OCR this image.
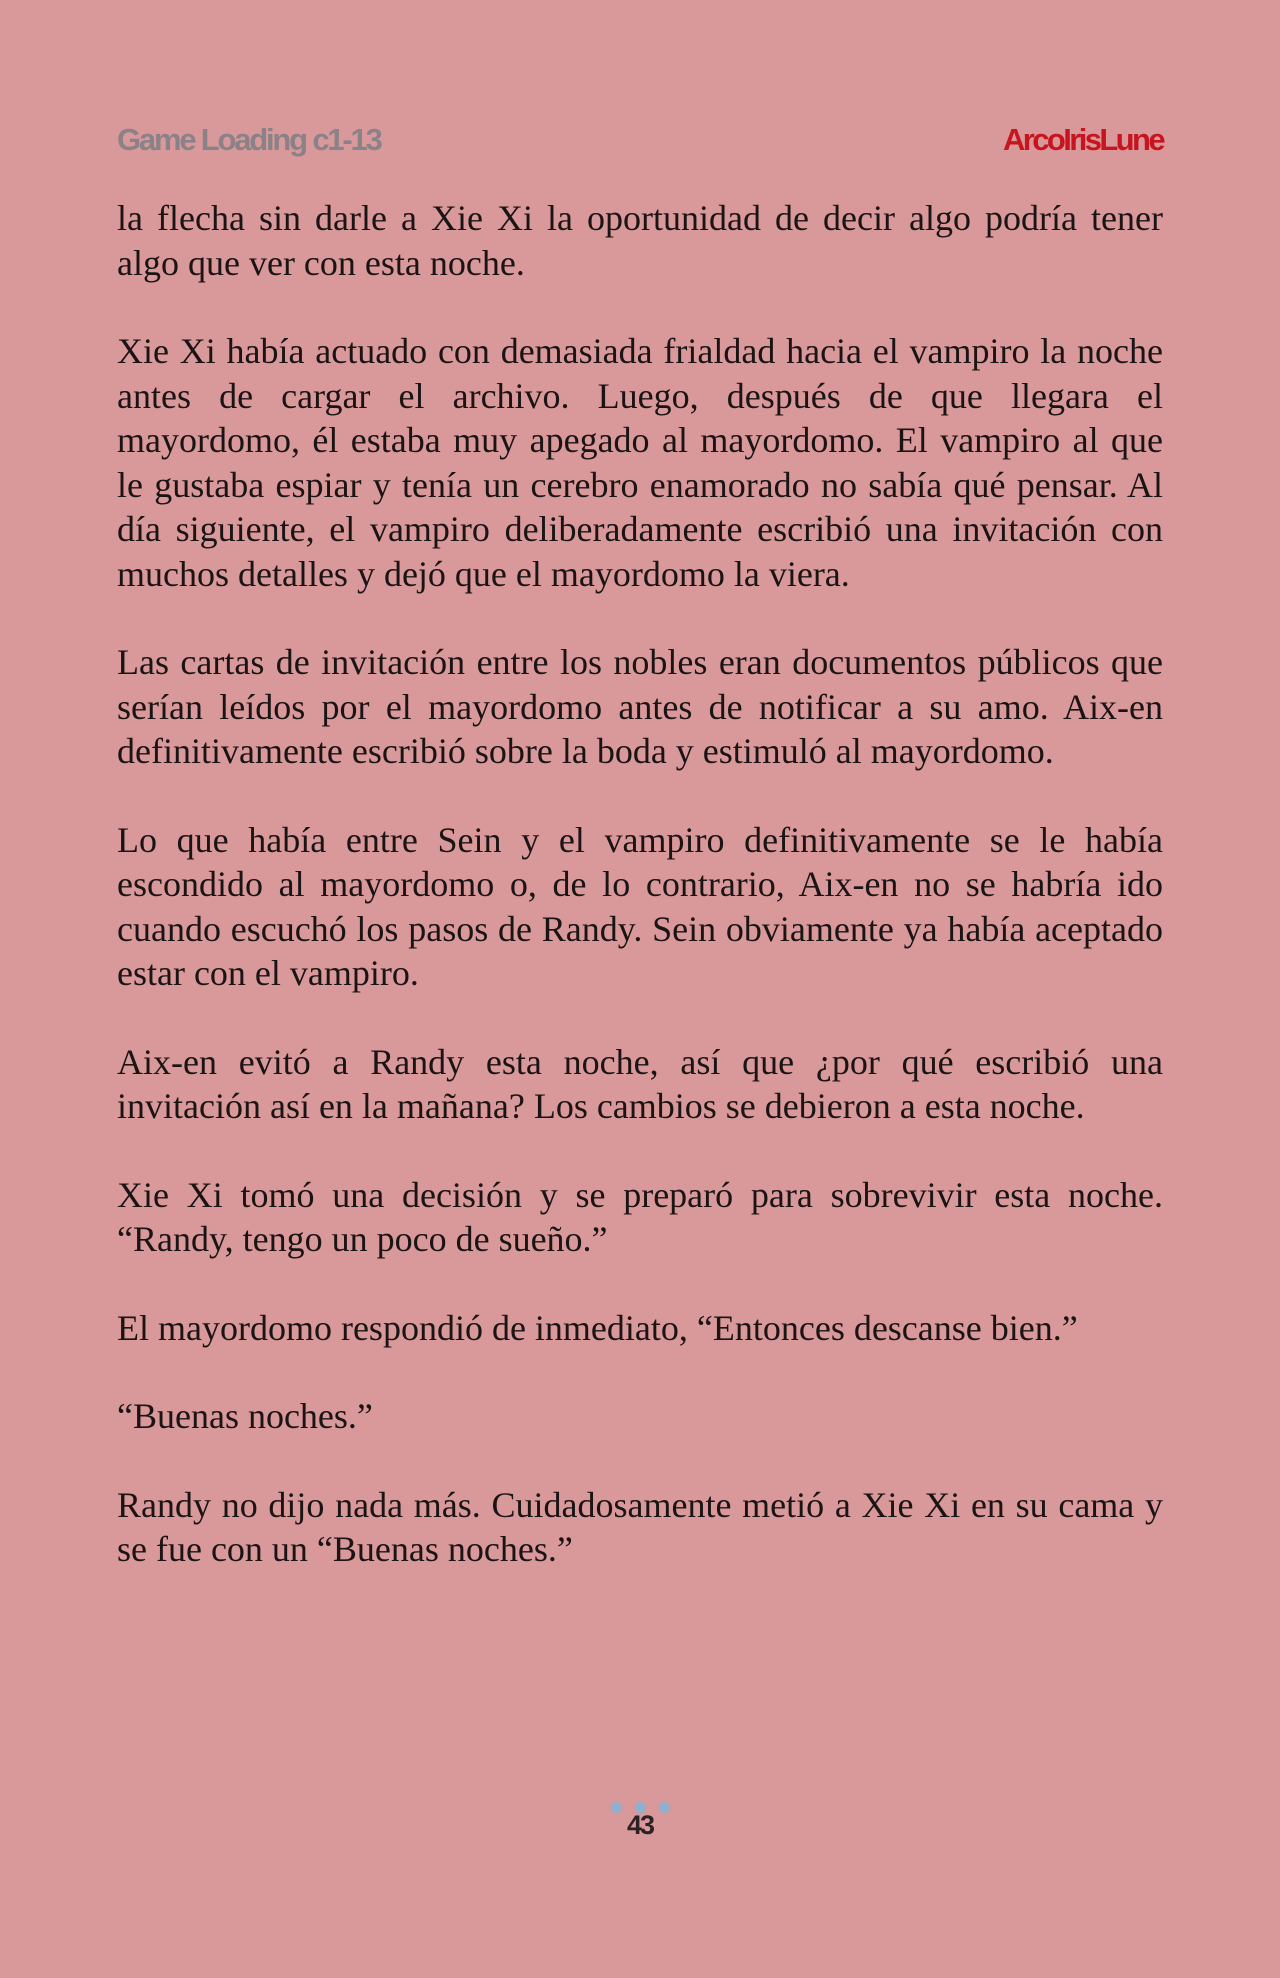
Game Loading c1-13	ArcoIrisLune

la flecha sin darle a Xie Xi la oportunidad de decir algo podría tener algo que ver con esta noche.

Xie Xi había actuado con demasiada frialdad hacia el vampiro la noche antes de cargar el archivo. Luego, después de que llegara el mayordomo, él estaba muy apegado al mayordomo. El vampiro al que le gustaba espiar y tenía un cerebro enamorado no sabía qué pensar. Al día siguiente, el vampiro deliberadamente escribió una invitación con muchos detalles y dejó que el mayordomo la viera.

Las cartas de invitación entre los nobles eran documentos públicos que serían leídos por el mayordomo antes de notificar a su amo. Aix-en definitivamente escribió sobre la boda y estimuló al mayordomo.

Lo que había entre Sein y el vampiro definitivamente se le había escondido al mayordomo o, de lo contrario, Aix-en no se habría ido cuando escuchó los pasos de Randy. Sein obviamente ya había aceptado estar con el vampiro.

Aix-en evitó a Randy esta noche, así que ¿por qué escribió una invitación así en la mañana? Los cambios se debieron a esta noche.

Xie Xi tomó una decisión y se preparó para sobrevivir esta noche. “Randy, tengo un poco de sueño.”

El mayordomo respondió de inmediato, “Entonces descanse bien.”

“Buenas noches.”

Randy no dijo nada más. Cuidadosamente metió a Xie Xi en su cama y se fue con un “Buenas noches.”

43
